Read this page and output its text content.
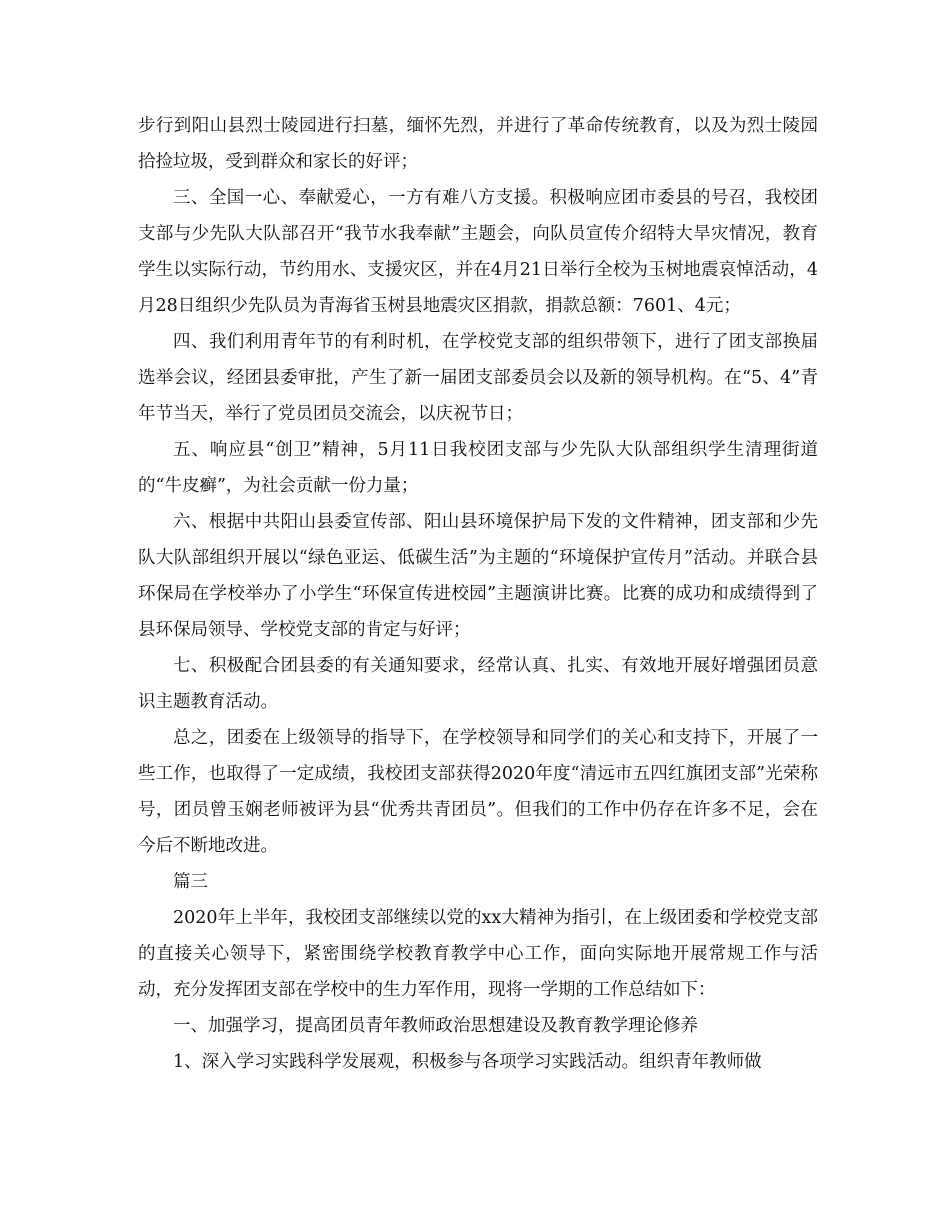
步行到阳山县烈士陵园进行扫墓，缅怀先烈，并进行了革命传统教育，以及为烈士陵园拾捡垃圾，受到群众和家长的好评；

三、全国一心、奉献爱心，一方有难八方支援。积极响应团市委县的号召，我校团支部与少先队大队部召开“我节水我奉献”主题会，向队员宣传介绍特大旱灾情况，教育学生以实际行动，节约用水、支援灾区，并在4月21日举行全校为玉树地震哀悼活动，4月28日组织少先队员为青海省玉树县地震灾区捐款，捐款总额：7601、4元；

四、我们利用青年节的有利时机，在学校党支部的组织带领下，进行了团支部换届选举会议，经团县委审批，产生了新一届团支部委员会以及新的领导机构。在“5、4”青年节当天，举行了党员团员交流会，以庆祝节日；

五、响应县“创卫”精神，5月11日我校团支部与少先队大队部组织学生清理街道的“牛皮癣”，为社会贡献一份力量；

六、根据中共阳山县委宣传部、阳山县环境保护局下发的文件精神，团支部和少先队大队部组织开展以“绿色亚运、低碳生活”为主题的“环境保护宣传月”活动。并联合县环保局在学校举办了小学生“环保宣传进校园”主题演讲比赛。比赛的成功和成绩得到了县环保局领导、学校党支部的肯定与好评；

七、积极配合团县委的有关通知要求，经常认真、扎实、有效地开展好增强团员意识主题教育活动。

总之，团委在上级领导的指导下，在学校领导和同学们的关心和支持下，开展了一些工作，也取得了一定成绩，我校团支部获得2020年度“清远市五四红旗团支部”光荣称号，团员曾玉娴老师被评为县“优秀共青团员”。但我们的工作中仍存在许多不足，会在今后不断地改进。

篇三

2020年上半年，我校团支部继续以党的xx大精神为指引，在上级团委和学校党支部的直接关心领导下，紧密围绕学校教育教学中心工作，面向实际地开展常规工作与活动，充分发挥团支部在学校中的生力军作用，现将一学期的工作总结如下：

一、加强学习，提高团员青年教师政治思想建设及教育教学理论修养

1、深入学习实践科学发展观，积极参与各项学习实践活动。组织青年教师做
